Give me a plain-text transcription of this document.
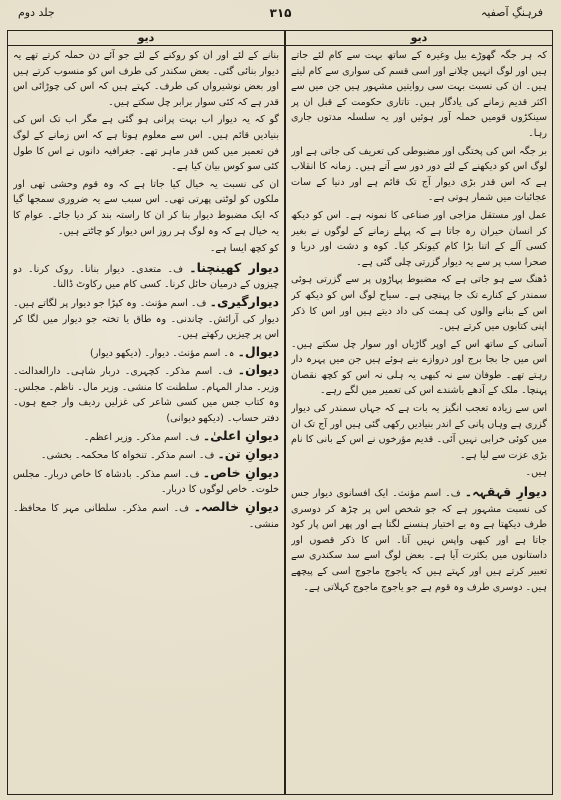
جلد دوم	۳۱۵	فرہنگِ آصفیہ
دیو	دیو

کہ ہر جگہ گھوڑے بیل وغیرہ کے ساتھ بہت سے کام لئے جاتے ہیں اور لوگ انہیں چلانے اور اسی قسم کی سواری سے کام لیتے ہیں۔ ان کی نسبت بہت سی روایتیں مشہور ہیں جن میں سے اکثر قدیم زمانے کی یادگار ہیں۔ تاتاری حکومت کے قبل ان پر سینکڑوں قومیں حملہ آور ہوئیں اور یہ سلسلہ مدتوں جاری رہا۔

بر جگہ اس کی پختگی اور مضبوطی کی تعریف کی جاتی ہے اور لوگ اس کو دیکھنے کے لئے دور دور سے آتے ہیں۔ زمانہ کا انقلاب ہے کہ اس قدر بڑی دیوار آج تک قائم ہے اور دنیا کے سات عجائبات میں شمار ہوتی ہے۔

عمل اور مستقل مزاجی اور صناعی کا نمونہ ہے۔ اس کو دیکھ کر انسان حیران رہ جاتا ہے کہ پہلے زمانے کے لوگوں نے بغیر کسی آلے کے اتنا بڑا کام کیونکر کیا۔ کوہ و دشت اور دریا و صحرا سب پر سے یہ دیوار گزرتی چلی گئی ہے۔

ڈھنگ سے ہو جاتی ہے کہ مضبوط پہاڑوں پر سے گزرتی ہوئی سمندر کے کنارے تک جا پہنچی ہے۔ سیاح لوگ اس کو دیکھ کر اس کے بنانے والوں کی ہمت کی داد دیتے ہیں اور اس کا ذکر اپنی کتابوں میں کرتے ہیں۔

آسانی کے ساتھ اس کے اوپر گاڑیاں اور سوار چل سکتے ہیں۔ اس میں جا بجا برج اور دروازے بنے ہوئے ہیں جن میں پہرہ دار رہتے تھے۔ طوفان سے نہ کبھی یہ ہلی نہ اس کو کچھ نقصان پہنچا۔ ملک کے آدھے باشندے اس کی تعمیر میں لگے رہے۔

اس سے زیادہ تعجب انگیز یہ بات ہے کہ جہاں سمندر کی دیوار گزری ہے وہاں پانی کے اندر بنیادیں رکھی گئی ہیں اور آج تک ان میں کوئی خرابی نہیں آئی۔ قدیم مؤرخوں نے اس کے بانی کا نام بڑی عزت سے لیا ہے۔

ہیں۔

دیوارِ قہقہہ۔ ف۔ اسم مؤنث۔ ایک افسانوی دیوار جس کی نسبت مشہور ہے کہ جو شخص اس پر چڑھ کر دوسری طرف دیکھتا ہے وہ بے اختیار ہنسنے لگتا ہے اور پھر اس پار کود جاتا ہے اور کبھی واپس نہیں آتا۔ اس کا ذکر قصوں اور داستانوں میں بکثرت آیا ہے۔ بعض لوگ اسے سد سکندری سے تعبیر کرتے ہیں اور کہتے ہیں کہ یاجوج ماجوج اسی کے پیچھے ہیں۔ دوسری طرف وہ قوم ہے جو یاجوج ماجوج کہلاتی ہے۔

بنانے کے لئے اور ان کو روکنے کے لئے جو آئے دن حملہ کرتے تھے یہ دیوار بنائی گئی۔ بعض سکندر کی طرف اس کو منسوب کرتے ہیں اور بعض نوشیرواں کی طرف۔ کہتے ہیں کہ اس کی چوڑائی اس قدر ہے کہ کئی سوار برابر چل سکتے ہیں۔

گو کہ یہ دیوار اب بہت پرانی ہو گئی ہے مگر اب تک اس کی بنیادیں قائم ہیں۔ اس سے معلوم ہوتا ہے کہ اس زمانے کے لوگ فن تعمیر میں کس قدر ماہر تھے۔ جغرافیہ دانوں نے اس کا طول کئی سو کوس بیان کیا ہے۔

ان کی نسبت یہ خیال کیا جاتا ہے کہ وہ قوم وحشی تھی اور ملکوں کو لوٹتی پھرتی تھی۔ اس سبب سے یہ ضروری سمجھا گیا کہ ایک مضبوط دیوار بنا کر ان کا راستہ بند کر دیا جائے۔ عوام کا یہ خیال ہے کہ وہ لوگ ہر روز اس دیوار کو چاٹتے ہیں۔

کو کچھ ایسا ہے۔

دیوار کھینچنا۔ ف۔ متعدی۔ دیوار بنانا۔ روک کرنا۔ دو چیزوں کے درمیان حائل کرنا۔ کسی کام میں رکاوٹ ڈالنا۔
دیوارگیری۔ ف۔ اسم مؤنث۔ وہ کپڑا جو دیوار پر لگاتے ہیں۔ دیوار کی آرائش۔ چاندنی۔ وہ طاق یا تختہ جو دیوار میں لگا کر اس پر چیزیں رکھتے ہیں۔
دیوال۔ ہ۔ اسم مؤنث۔ دیوار۔ (دیکھو دیوار)
دیوان۔ ف۔ اسم مذکر۔ کچہری۔ دربار شاہی۔ دارالعدالت۔ وزیر۔ مدار المہام۔ سلطنت کا منشی۔ وزیر مال۔ ناظم۔ مجلس۔ وہ کتاب جس میں کسی شاعر کی غزلیں ردیف وار جمع ہوں۔ دفتر حساب۔ (دیکھو دیوانی)
دیوانِ اعلیٰ۔ ف۔ اسم مذکر۔ وزیر اعظم۔
دیوانِ تن۔ ف۔ اسم مذکر۔ تنخواہ کا محکمہ۔ بخشی۔
دیوانِ خاص۔ ف۔ اسم مذکر۔ بادشاہ کا خاص دربار۔ مجلس خلوت۔ خاص لوگوں کا دربار۔
دیوانِ خالصہ۔ ف۔ اسم مذکر۔ سلطانی مہر کا محافظ۔ منشی۔
